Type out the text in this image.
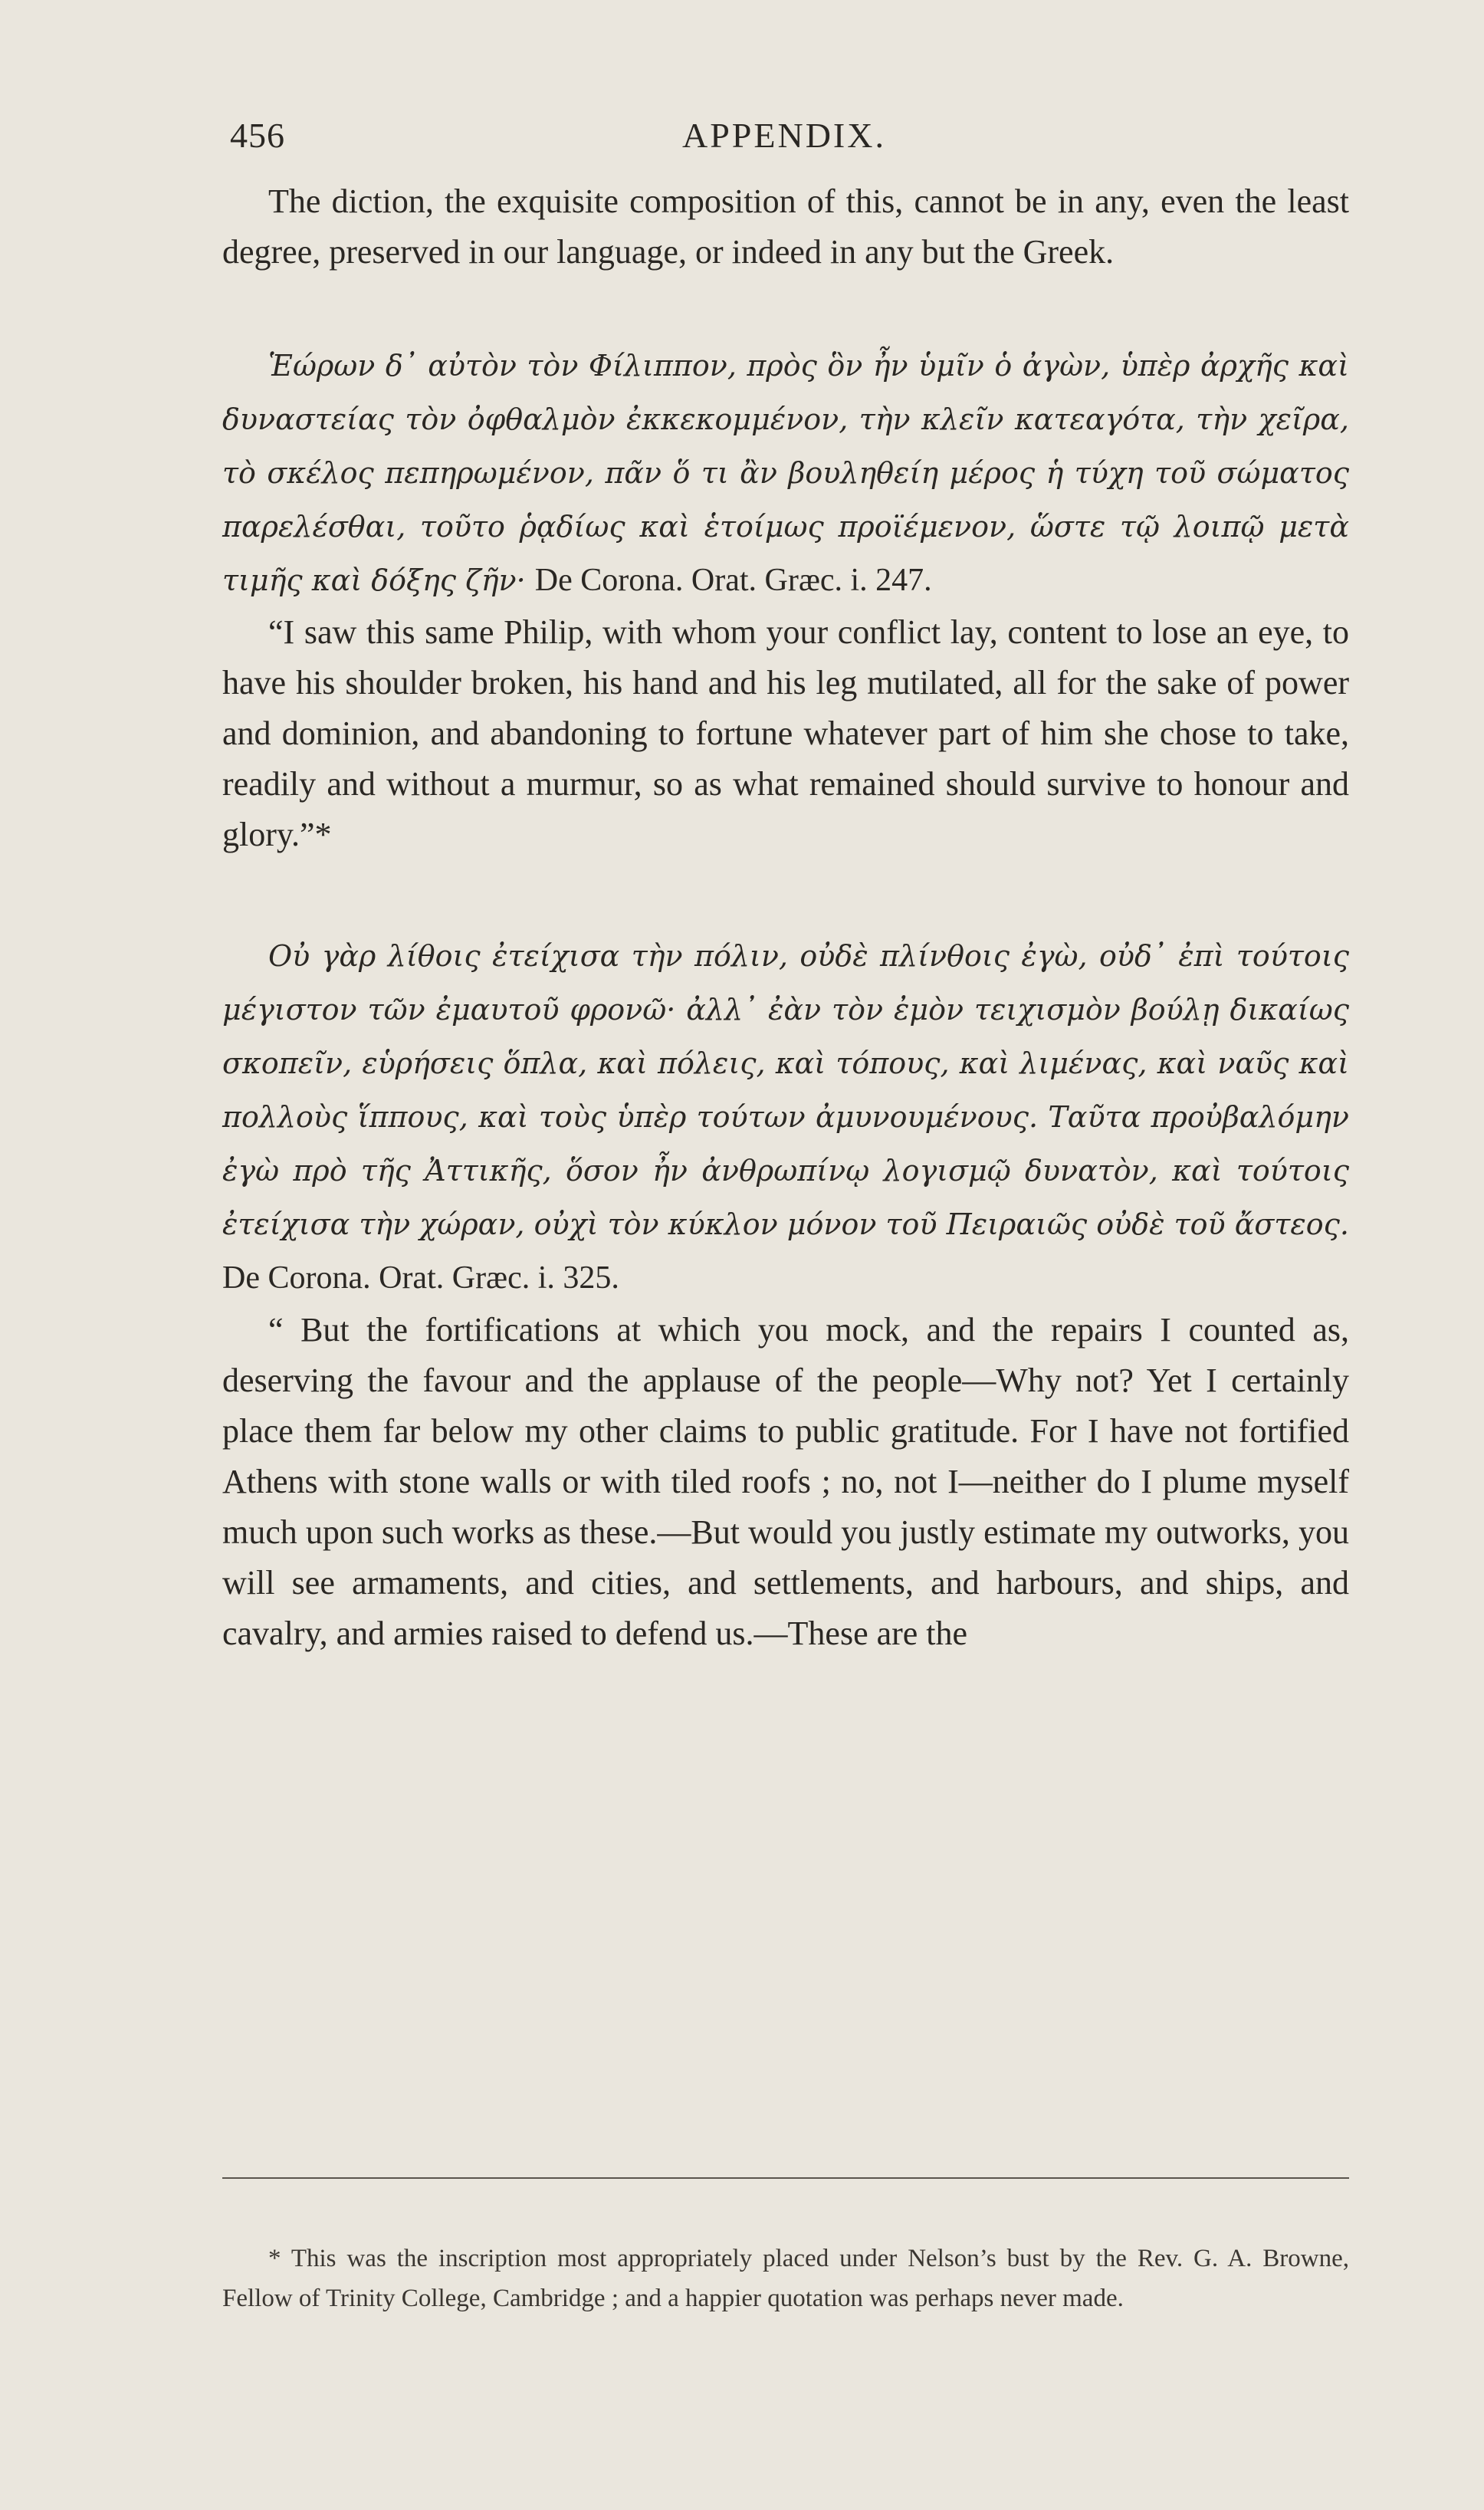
456	APPENDIX.

The diction, the exquisite composition of this, cannot be in any, even the least degree, preserved in our language, or indeed in any but the Greek.

Ἑώρων δ᾽ αὐτὸν τὸν Φίλιππον, πρὸς ὃν ἦν ὑμῖν ὁ ἀγὼν, ὑπὲρ ἀρχῆς καὶ δυναστείας τὸν ὀφθαλμὸν ἐκκεκομμένον, τὴν κλεῖν κατεαγότα, τὴν χεῖρα, τὸ σκέλος πεπηρωμένον, πᾶν ὅ τι ἂν βουληθείη μέρος ἡ τύχη τοῦ σώματος παρελέσθαι, τοῦτο ῥᾳδίως καὶ ἑτοίμως προϊέμενον, ὥστε τῷ λοιπῷ μετὰ τιμῆς καὶ δόξης ζῆν· De Corona. Orat. Græc. i. 247.

“I saw this same Philip, with whom your conflict lay, content to lose an eye, to have his shoulder broken, his hand and his leg mutilated, all for the sake of power and dominion, and abandoning to fortune whatever part of him she chose to take, readily and without a murmur, so as what remained should survive to honour and glory.”*

Οὐ γὰρ λίθοις ἐτείχισα τὴν πόλιν, οὐδὲ πλίνθοις ἐγὼ, οὐδ᾽ ἐπὶ τούτοις μέγιστον τῶν ἐμαυτοῦ φρονῶ· ἀλλ᾽ ἐὰν τὸν ἐμὸν τειχισμὸν βούλῃ δικαίως σκοπεῖν, εὑρήσεις ὅπλα, καὶ πόλεις, καὶ τόπους, καὶ λιμένας, καὶ ναῦς καὶ πολλοὺς ἵππους, καὶ τοὺς ὑπὲρ τούτων ἀμυνουμένους. Ταῦτα προὐβαλόμην ἐγὼ πρὸ τῆς Ἀττικῆς, ὅσον ἦν ἀνθρωπίνῳ λογισμῷ δυνατὸν, καὶ τούτοις ἐτείχισα τὴν χώραν, οὐχὶ τὸν κύκλον μόνον τοῦ Πειραιῶς οὐδὲ τοῦ ἄστεος. De Corona. Orat. Græc. i. 325.

“ But the fortifications at which you mock, and the repairs I counted as, deserving the favour and the applause of the people—Why not? Yet I certainly place them far below my other claims to public gratitude. For I have not fortified Athens with stone walls or with tiled roofs ; no, not I—neither do I plume myself much upon such works as these.—But would you justly estimate my outworks, you will see armaments, and cities, and settlements, and harbours, and ships, and cavalry, and armies raised to defend us.—These are the

* This was the inscription most appropriately placed under Nelson’s bust by the Rev. G. A. Browne, Fellow of Trinity College, Cambridge ; and a happier quotation was perhaps never made.
